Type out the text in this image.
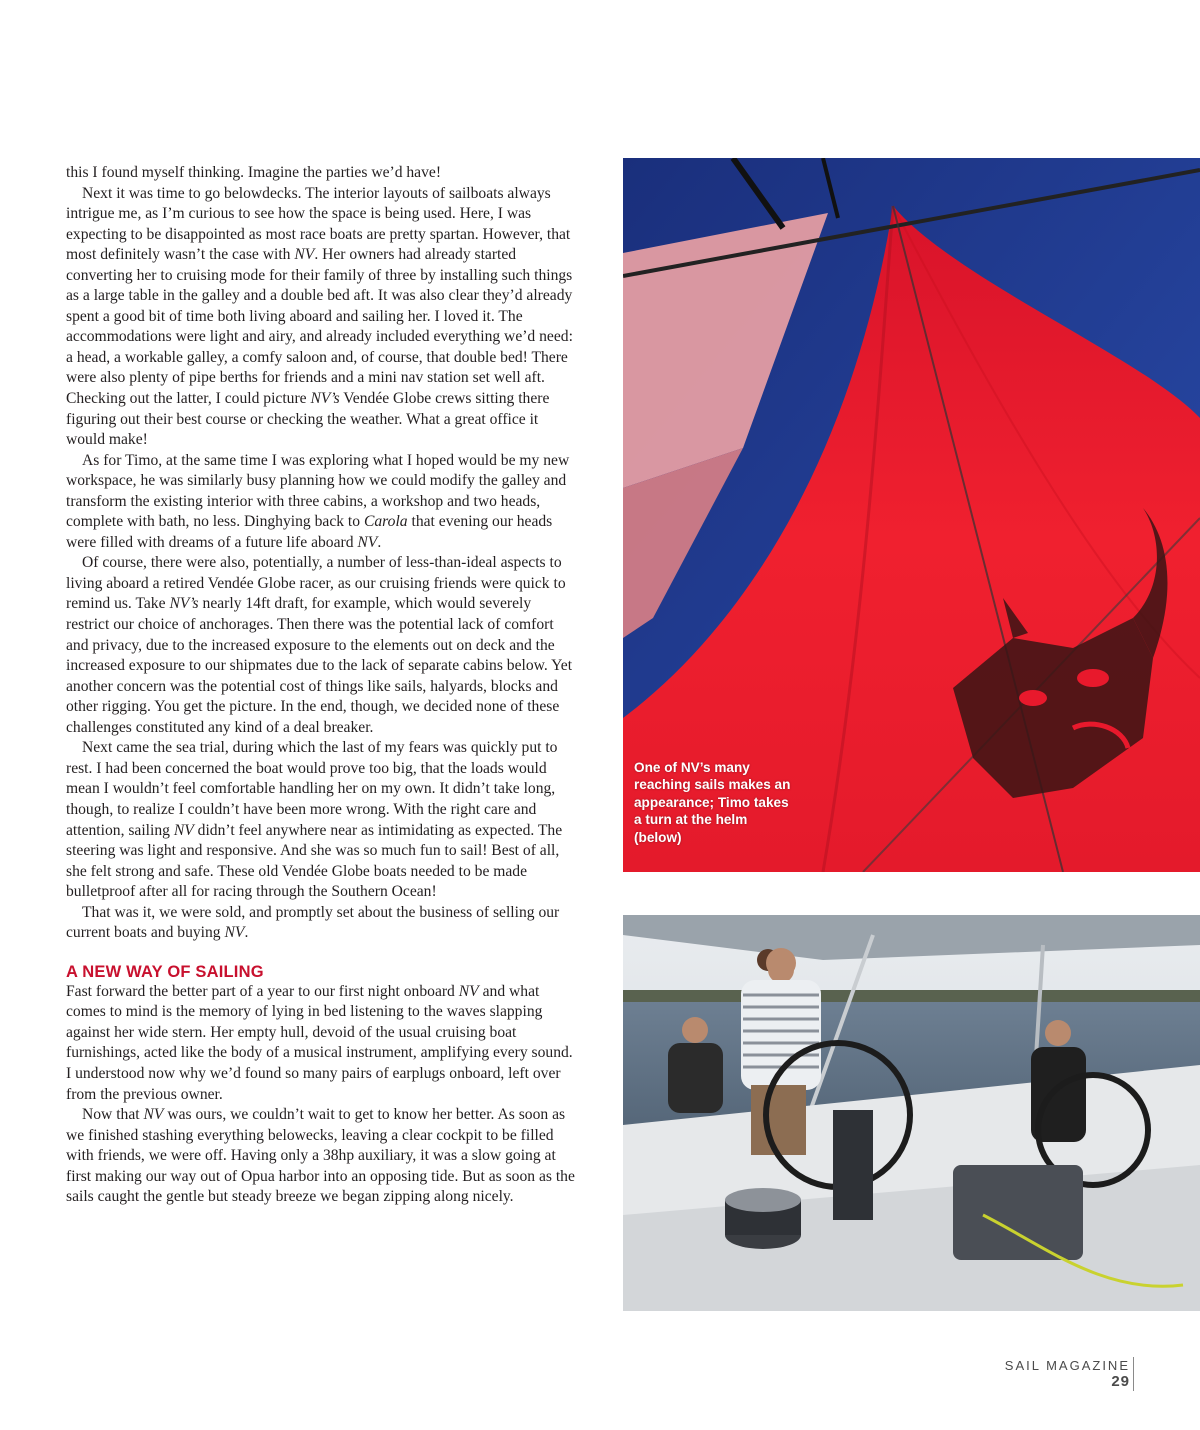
this I found myself thinking. Imagine the parties we’d have!

Next it was time to go belowdecks. The interior layouts of sailboats always intrigue me, as I’m curious to see how the space is being used. Here, I was expecting to be disappointed as most race boats are pretty spartan. However, that most definitely wasn’t the case with NV. Her owners had already started converting her to cruising mode for their family of three by installing such things as a large table in the galley and a double bed aft. It was also clear they’d already spent a good bit of time both living aboard and sailing her. I loved it. The accommodations were light and airy, and already included everything we’d need: a head, a workable galley, a comfy saloon and, of course, that double bed! There were also plenty of pipe berths for friends and a mini nav station set well aft. Checking out the latter, I could picture NV’s Vendée Globe crews sitting there figuring out their best course or checking the weather. What a great office it would make!

As for Timo, at the same time I was exploring what I hoped would be my new workspace, he was similarly busy planning how we could modify the galley and transform the existing interior with three cabins, a workshop and two heads, complete with bath, no less. Dinghying back to Carola that evening our heads were filled with dreams of a future life aboard NV.

Of course, there were also, potentially, a number of less-than-ideal aspects to living aboard a retired Vendée Globe racer, as our cruising friends were quick to remind us. Take NV’s nearly 14ft draft, for example, which would severely restrict our choice of anchorages. Then there was the potential lack of comfort and privacy, due to the increased exposure to the elements out on deck and the increased exposure to our shipmates due to the lack of separate cabins below. Yet another concern was the potential cost of things like sails, halyards, blocks and other rigging. You get the picture. In the end, though, we decided none of these challenges constituted any kind of a deal breaker.

Next came the sea trial, during which the last of my fears was quickly put to rest. I had been concerned the boat would prove too big, that the loads would mean I wouldn’t feel comfortable handling her on my own. It didn’t take long, though, to realize I couldn’t have been more wrong. With the right care and attention, sailing NV didn’t feel anywhere near as intimidating as expected. The steering was light and responsive. And she was so much fun to sail! Best of all, she felt strong and safe. These old Vendée Globe boats needed to be made bulletproof after all for racing through the Southern Ocean!

That was it, we were sold, and promptly set about the business of selling our current boats and buying NV.

A NEW WAY OF SAILING

Fast forward the better part of a year to our first night onboard NV and what comes to mind is the memory of lying in bed listening to the waves slapping against her wide stern. Her empty hull, devoid of the usual cruising boat furnishings, acted like the body of a musical instrument, amplifying every sound. I understood now why we’d found so many pairs of earplugs onboard, left over from the previous owner.

Now that NV was ours, we couldn’t wait to get to know her better. As soon as we finished stashing everything belowecks, leaving a clear cockpit to be filled with friends, we were off. Having only a 38hp auxiliary, it was a slow going at first making our way out of Opua harbor into an opposing tide. But as soon as the sails caught the gentle but steady breeze we began zipping along nicely.

One of NV’s many reaching sails makes an appearance; Timo takes a turn at the helm (below)
SAIL MAGAZINE
29
